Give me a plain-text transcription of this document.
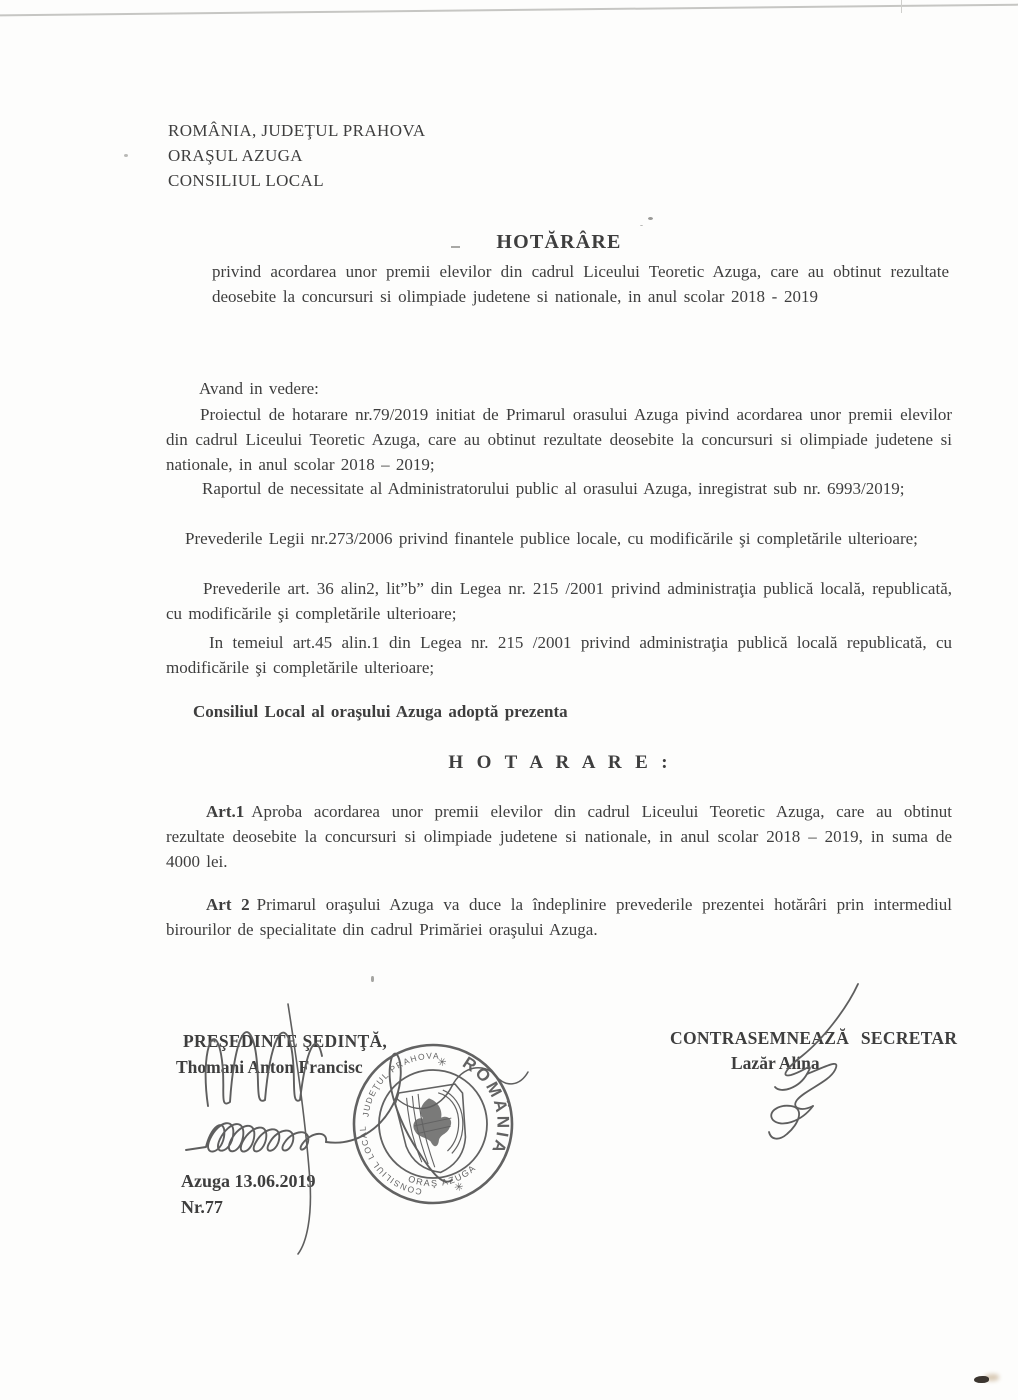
ROMÂNIA, JUDEŢUL PRAHOVA
ORAŞUL AZUGA
CONSILIUL LOCAL
HOTĂRÂRE
privind acordarea unor premii elevilor din cadrul Liceului Teoretic Azuga, care au obtinut rezultate deosebite la concursuri si olimpiade judetene si nationale, in anul scolar 2018 - 2019

Avand in vedere:

Proiectul de hotarare nr.79/2019 initiat de Primarul orasului Azuga pivind acordarea unor premii elevilor din cadrul Liceului Teoretic Azuga, care au obtinut rezultate deosebite la concursuri si olimpiade judetene si nationale, in anul scolar 2018 – 2019;

Raportul de necessitate al Administratorului public al orasului Azuga, inregistrat sub nr. 6993/2019;

Prevederile Legii nr.273/2006 privind finantele publice locale, cu modificările şi completările ulterioare;

Prevederile art. 36 alin2, lit”b” din Legea nr. 215 /2001 privind administraţia publică locală, republicată, cu modificările şi completările ulterioare;

In temeiul art.45 alin.1 din Legea nr. 215 /2001 privind administraţia publică locală republicată, cu modificările şi completările ulterioare;

Consiliul Local al oraşului Azuga adoptă prezenta

H O T A R A R E :

Art.1 Aproba acordarea unor premii elevilor din cadrul Liceului Teoretic Azuga, care au obtinut rezultate deosebite la concursuri si olimpiade judetene si nationale, in anul scolar 2018 – 2019, in suma de 4000 lei.

Art 2 Primarul oraşului Azuga va duce la îndeplinire prevederile prezentei hotărâri prin intermediul birourilor de specialitate din cadrul Primăriei oraşului Azuga.

PREŞEDINTE ŞEDINŢĂ,
Thomani Anton Francisc
CONTRASEMNEAZĂ SECRETAR
Lazăr Alina
Azuga 13.06.2019
Nr.77
ROMÂNIA
JUDEŢUL PRAHOVA
CONSILIUL LOCAL
ORAŞ AZUGA
✳
✳
